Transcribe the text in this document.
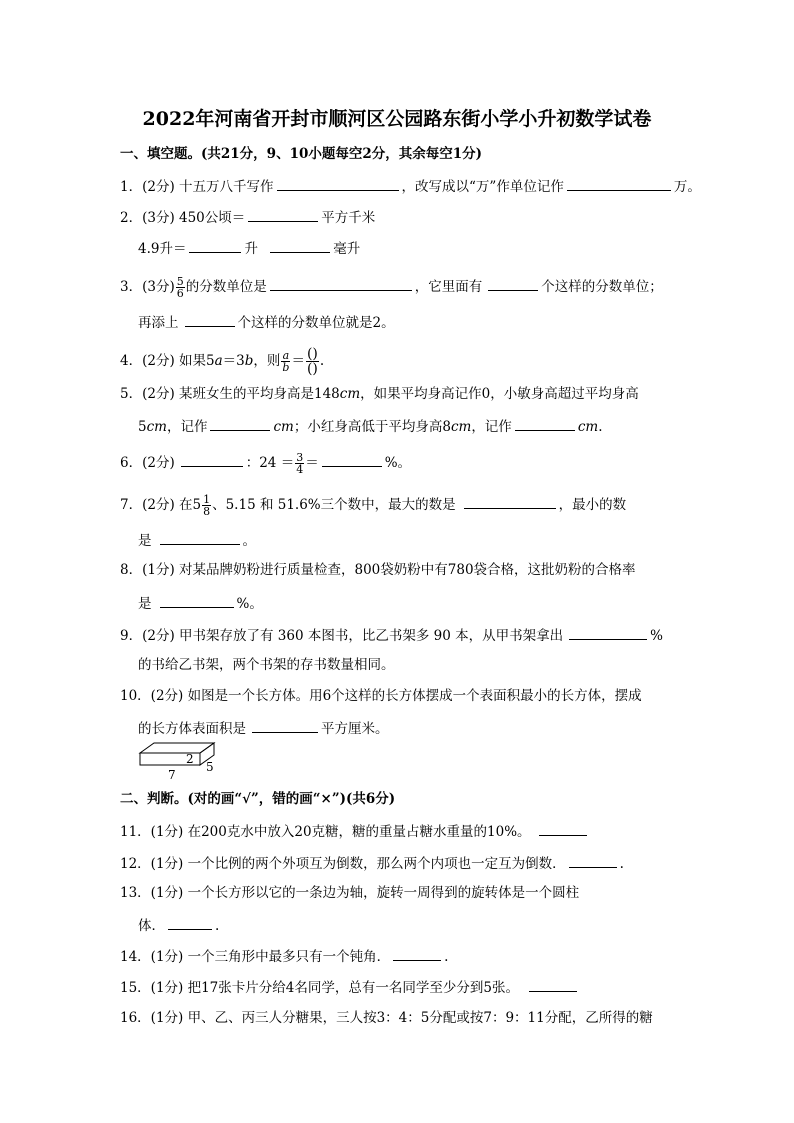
2022年河南省开封市顺河区公园路东街小学小升初数学试卷
一、填空题。(共21分，9、10小题每空2分，其余每空1分)
1．(2分) 十五万八千写作	，改写成以“万”作单位记作	万。
2．(3分) 450公顷＝	平方千米
4.9升＝	升	毫升
3．(3分) $\frac{5}{6}$ 的分数单位是	，它里面有	个这样的分数单位；
再添上	个这样的分数单位就是2。
4．(2分) 如果5a＝3b，则 $\frac{a}{b} = \frac{()}{()}$ .
5．(2分) 某班女生的平均身高是148cm，如果平均身高记作0，小敏身高超过平均身高
5cm，记作	cm；小红身高低于平均身高8cm，记作	cm.
6．(2分)	：$24 = \frac{3}{4}$ ＝	%。
7．(2分) 在$5 \frac{1}{8}$ 、5.15 和 51.6%三个数中，最大的数是	，最小的数
是	。
8．(1分) 对某品牌奶粉进行质量检查，800袋奶粉中有780袋合格，这批奶粉的合格率
是	%。
9．(2分) 甲书架存放了有 360 本图书，比乙书架多 90 本，从甲书架拿出	%
的书给乙书架，两个书架的存书数量相同。
10．(2分) 如图是一个长方体。用6个这样的长方体摆成一个表面积最小的长方体，摆成
的长方体表面积是	平方厘米。
2
5
7
二、判断。(对的画“√”，错的画“×”)(共6分)
11．(1分) 在200克水中放入20克糖，糖的重量占糖水重量的10%。
12．(1分) 一个比例的两个外项互为倒数，那么两个内项也一定互为倒数．	.
13．(1分) 一个长方形以它的一条边为轴，旋转一周得到的旋转体是一个圆柱
体．	.
14．(1分) 一个三角形中最多只有一个钝角．	.
15．(1分) 把17张卡片分给4名同学，总有一名同学至少分到5张。
16．(1分) 甲、乙、丙三人分糖果，三人按3：4：5分配或按7：9：11分配，乙所得的糖
